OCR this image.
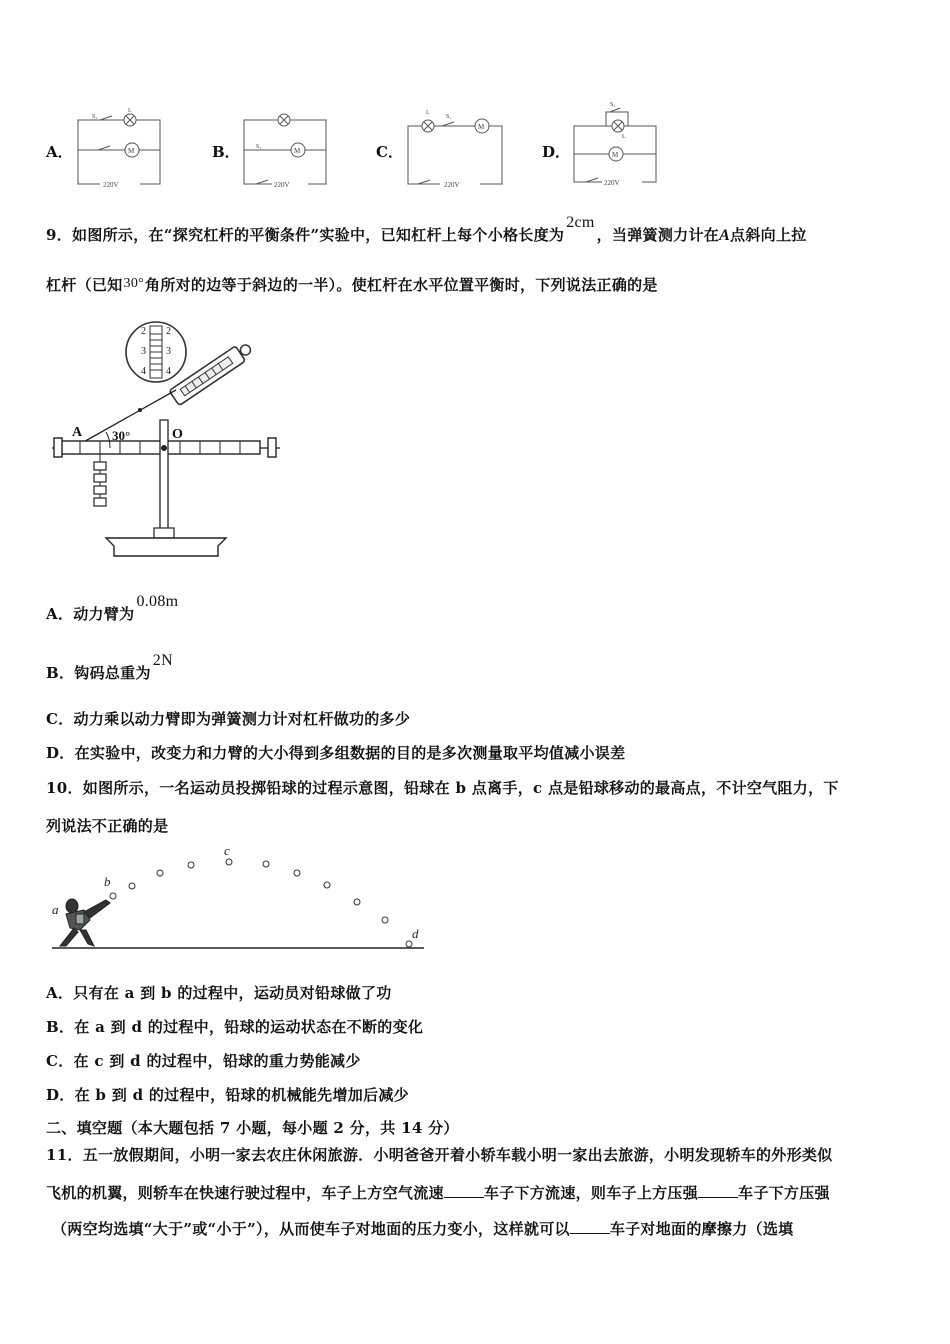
A．	M
S₁
L
220V
B．	M
S₁
220V
C．
M
L
S₁
220V
D．	M
S₂
L
220V
9．如图所示，在“探究杠杆的平衡条件”实验中，已知杠杆上每个小格长度为2cm，当弹簧测力计在A点斜向上拉
杠杆（已知30°角所对的边等于斜边的一半）。使杠杆在水平位置平衡时，下列说法正确的是
2 2
3 3
4 4
A 30°	O
A．动力臂为0.08m
B．钩码总重为2N
C．动力乘以动力臂即为弹簧测力计对杠杆做功的多少
D．在实验中，改变力和力臂的大小得到多组数据的目的是多次测量取平均值减小误差
10．如图所示，一名运动员投掷铅球的过程示意图，铅球在 b 点离手，c 点是铅球移动的最高点，不计空气阻力，下
列说法不正确的是
a
b
c
d
A．只有在 a 到 b 的过程中，运动员对铅球做了功
B．在 a 到 d 的过程中，铅球的运动状态在不断的变化
C．在 c 到 d 的过程中，铅球的重力势能减少
D．在 b 到 d 的过程中，铅球的机械能先增加后减少
二、填空题（本大题包括 7 小题，每小题 2 分，共 14 分）
11．五一放假期间，小明一家去农庄休闲旅游．小明爸爸开着小轿车载小明一家出去旅游，小明发现轿车的外形类似
飞机的机翼，则轿车在快速行驶过程中，车子上方空气流速	车子下方流速，则车子上方压强	车子下方压强
（两空均选填“大于”或“小于”），从而使车子对地面的压力变小，这样就可以	车子对地面的摩擦力（选填
